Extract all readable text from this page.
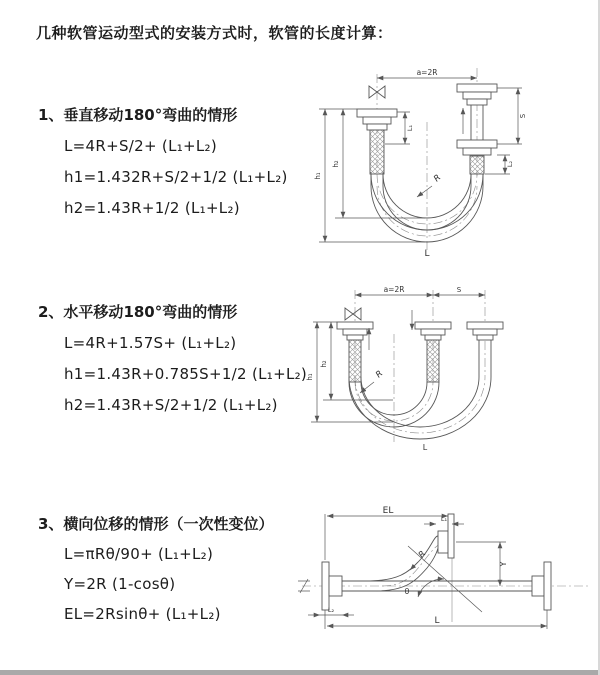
几种软管运动型式的安装方式时，软管的长度计算：
1、垂直移动180°弯曲的情形
L=4R+S/2+ (L₁+L₂)
h1=1.432R+S/2+1/2 (L₁+L₂)
h2=1.43R+1/2 (L₁+L₂)
2、水平移动180°弯曲的情形
L=4R+1.57S+ (L₁+L₂)
h1=1.43R+0.785S+1/2 (L₁+L₂)
h2=1.43R+S/2+1/2 (L₁+L₂)
3、横向位移的情形（一次性变位）
L=πRθ/90+ (L₁+L₂)
Y=2R (1-cosθ)
EL=2Rsinθ+ (L₁+L₂)
a=2R
S
L₂
h₂
h₁
L₁
R
L
a=2R	S
h₂
h₁	R
L
EL
L₁
Y
L₂
L
R
θ
